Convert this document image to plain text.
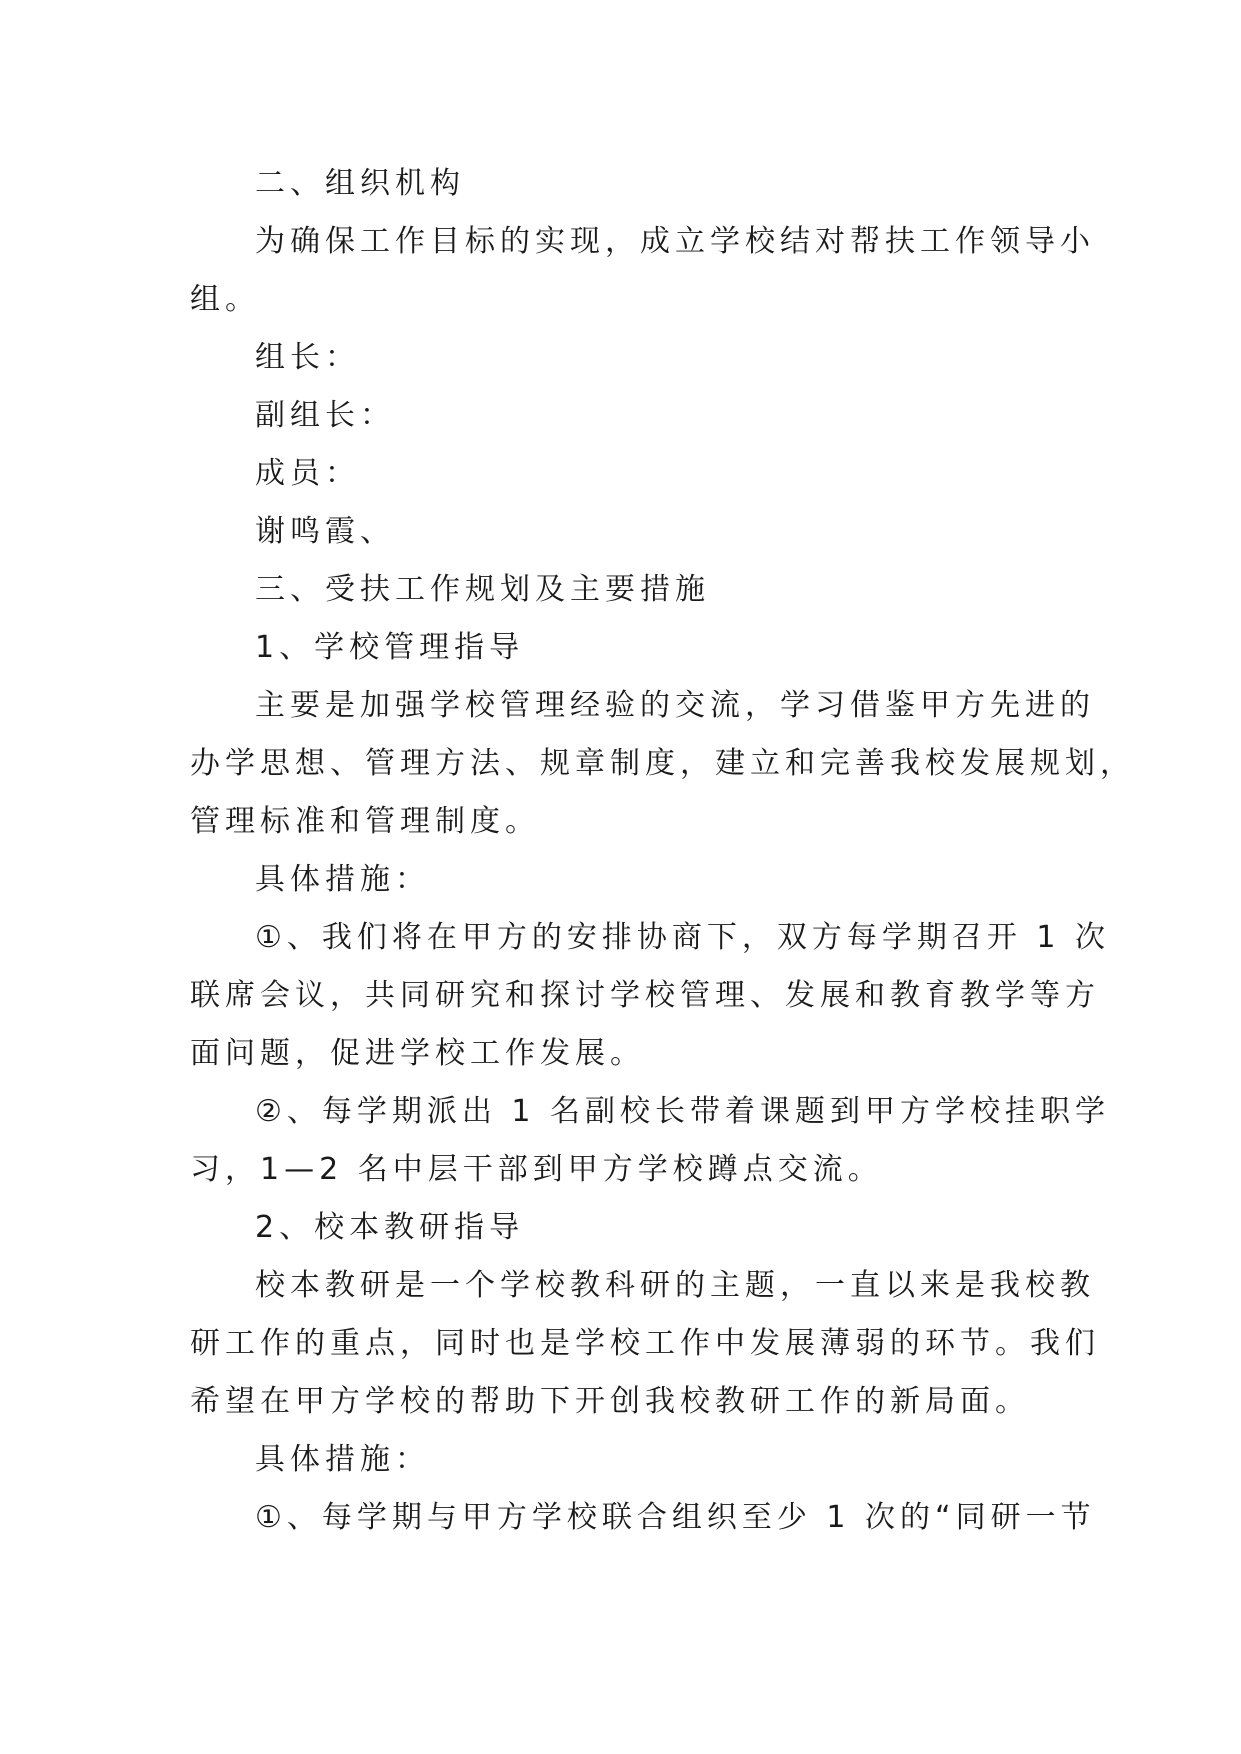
二、组织机构
为确保工作目标的实现，成立学校结对帮扶工作领导小
组。
组长：
副组长：
成员：
谢鸣霞、
三、受扶工作规划及主要措施
1、学校管理指导
主要是加强学校管理经验的交流，学习借鉴甲方先进的
办学思想、管理方法、规章制度，建立和完善我校发展规划，
管理标准和管理制度。
具体措施：
①、我们将在甲方的安排协商下，双方每学期召开 1 次
联席会议，共同研究和探讨学校管理、发展和教育教学等方
面问题，促进学校工作发展。
②、每学期派出 1 名副校长带着课题到甲方学校挂职学
习，1—2 名中层干部到甲方学校蹲点交流。
2、校本教研指导
校本教研是一个学校教科研的主题，一直以来是我校教
研工作的重点，同时也是学校工作中发展薄弱的环节。我们
希望在甲方学校的帮助下开创我校教研工作的新局面。
具体措施：
①、每学期与甲方学校联合组织至少 1 次的“同研一节
